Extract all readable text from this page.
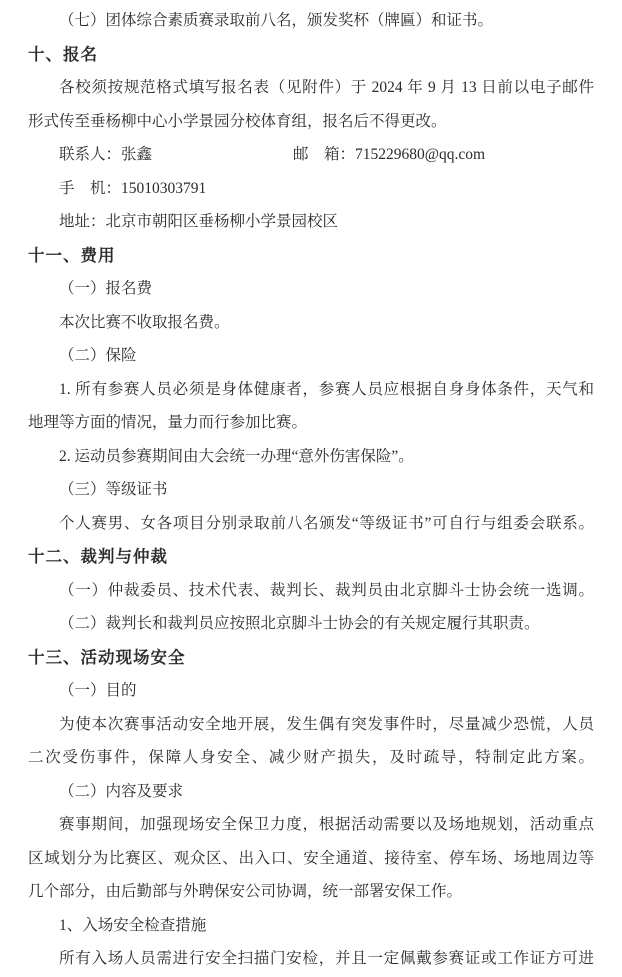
（七）团体综合素质赛录取前八名，颁发奖杯（牌匾）和证书。
十、报名
各校须按规范格式填写报名表（见附件）于 2024 年 9 月 13 日前以电子邮件
形式传至垂杨柳中心小学景园分校体育组，报名后不得更改。
联系人：张鑫	邮　箱：715229680@qq.com
手　机：15010303791
地址：北京市朝阳区垂杨柳小学景园校区
十一、费用
（一）报名费
本次比赛不收取报名费。
（二）保险
1. 所有参赛人员必须是身体健康者，参赛人员应根据自身身体条件，天气和
地理等方面的情况，量力而行参加比赛。
2. 运动员参赛期间由大会统一办理“意外伤害保险”。
（三）等级证书
个人赛男、女各项目分别录取前八名颁发“等级证书”可自行与组委会联系。
十二、裁判与仲裁
（一）仲裁委员、技术代表、裁判长、裁判员由北京脚斗士协会统一选调。
（二）裁判长和裁判员应按照北京脚斗士协会的有关规定履行其职责。
十三、活动现场安全
（一）目的
为使本次赛事活动安全地开展，发生偶有突发事件时，尽量减少恐慌，人员
二次受伤事件，保障人身安全、减少财产损失，及时疏导，特制定此方案。
（二）内容及要求
赛事期间，加强现场安全保卫力度，根据活动需要以及场地规划，活动重点
区域划分为比赛区、观众区、出入口、安全通道、接待室、停车场、场地周边等
几个部分，由后勤部与外聘保安公司协调，统一部署安保工作。
1、入场安全检查措施
所有入场人员需进行安全扫描门安检，并且一定佩戴参赛证或工作证方可进
